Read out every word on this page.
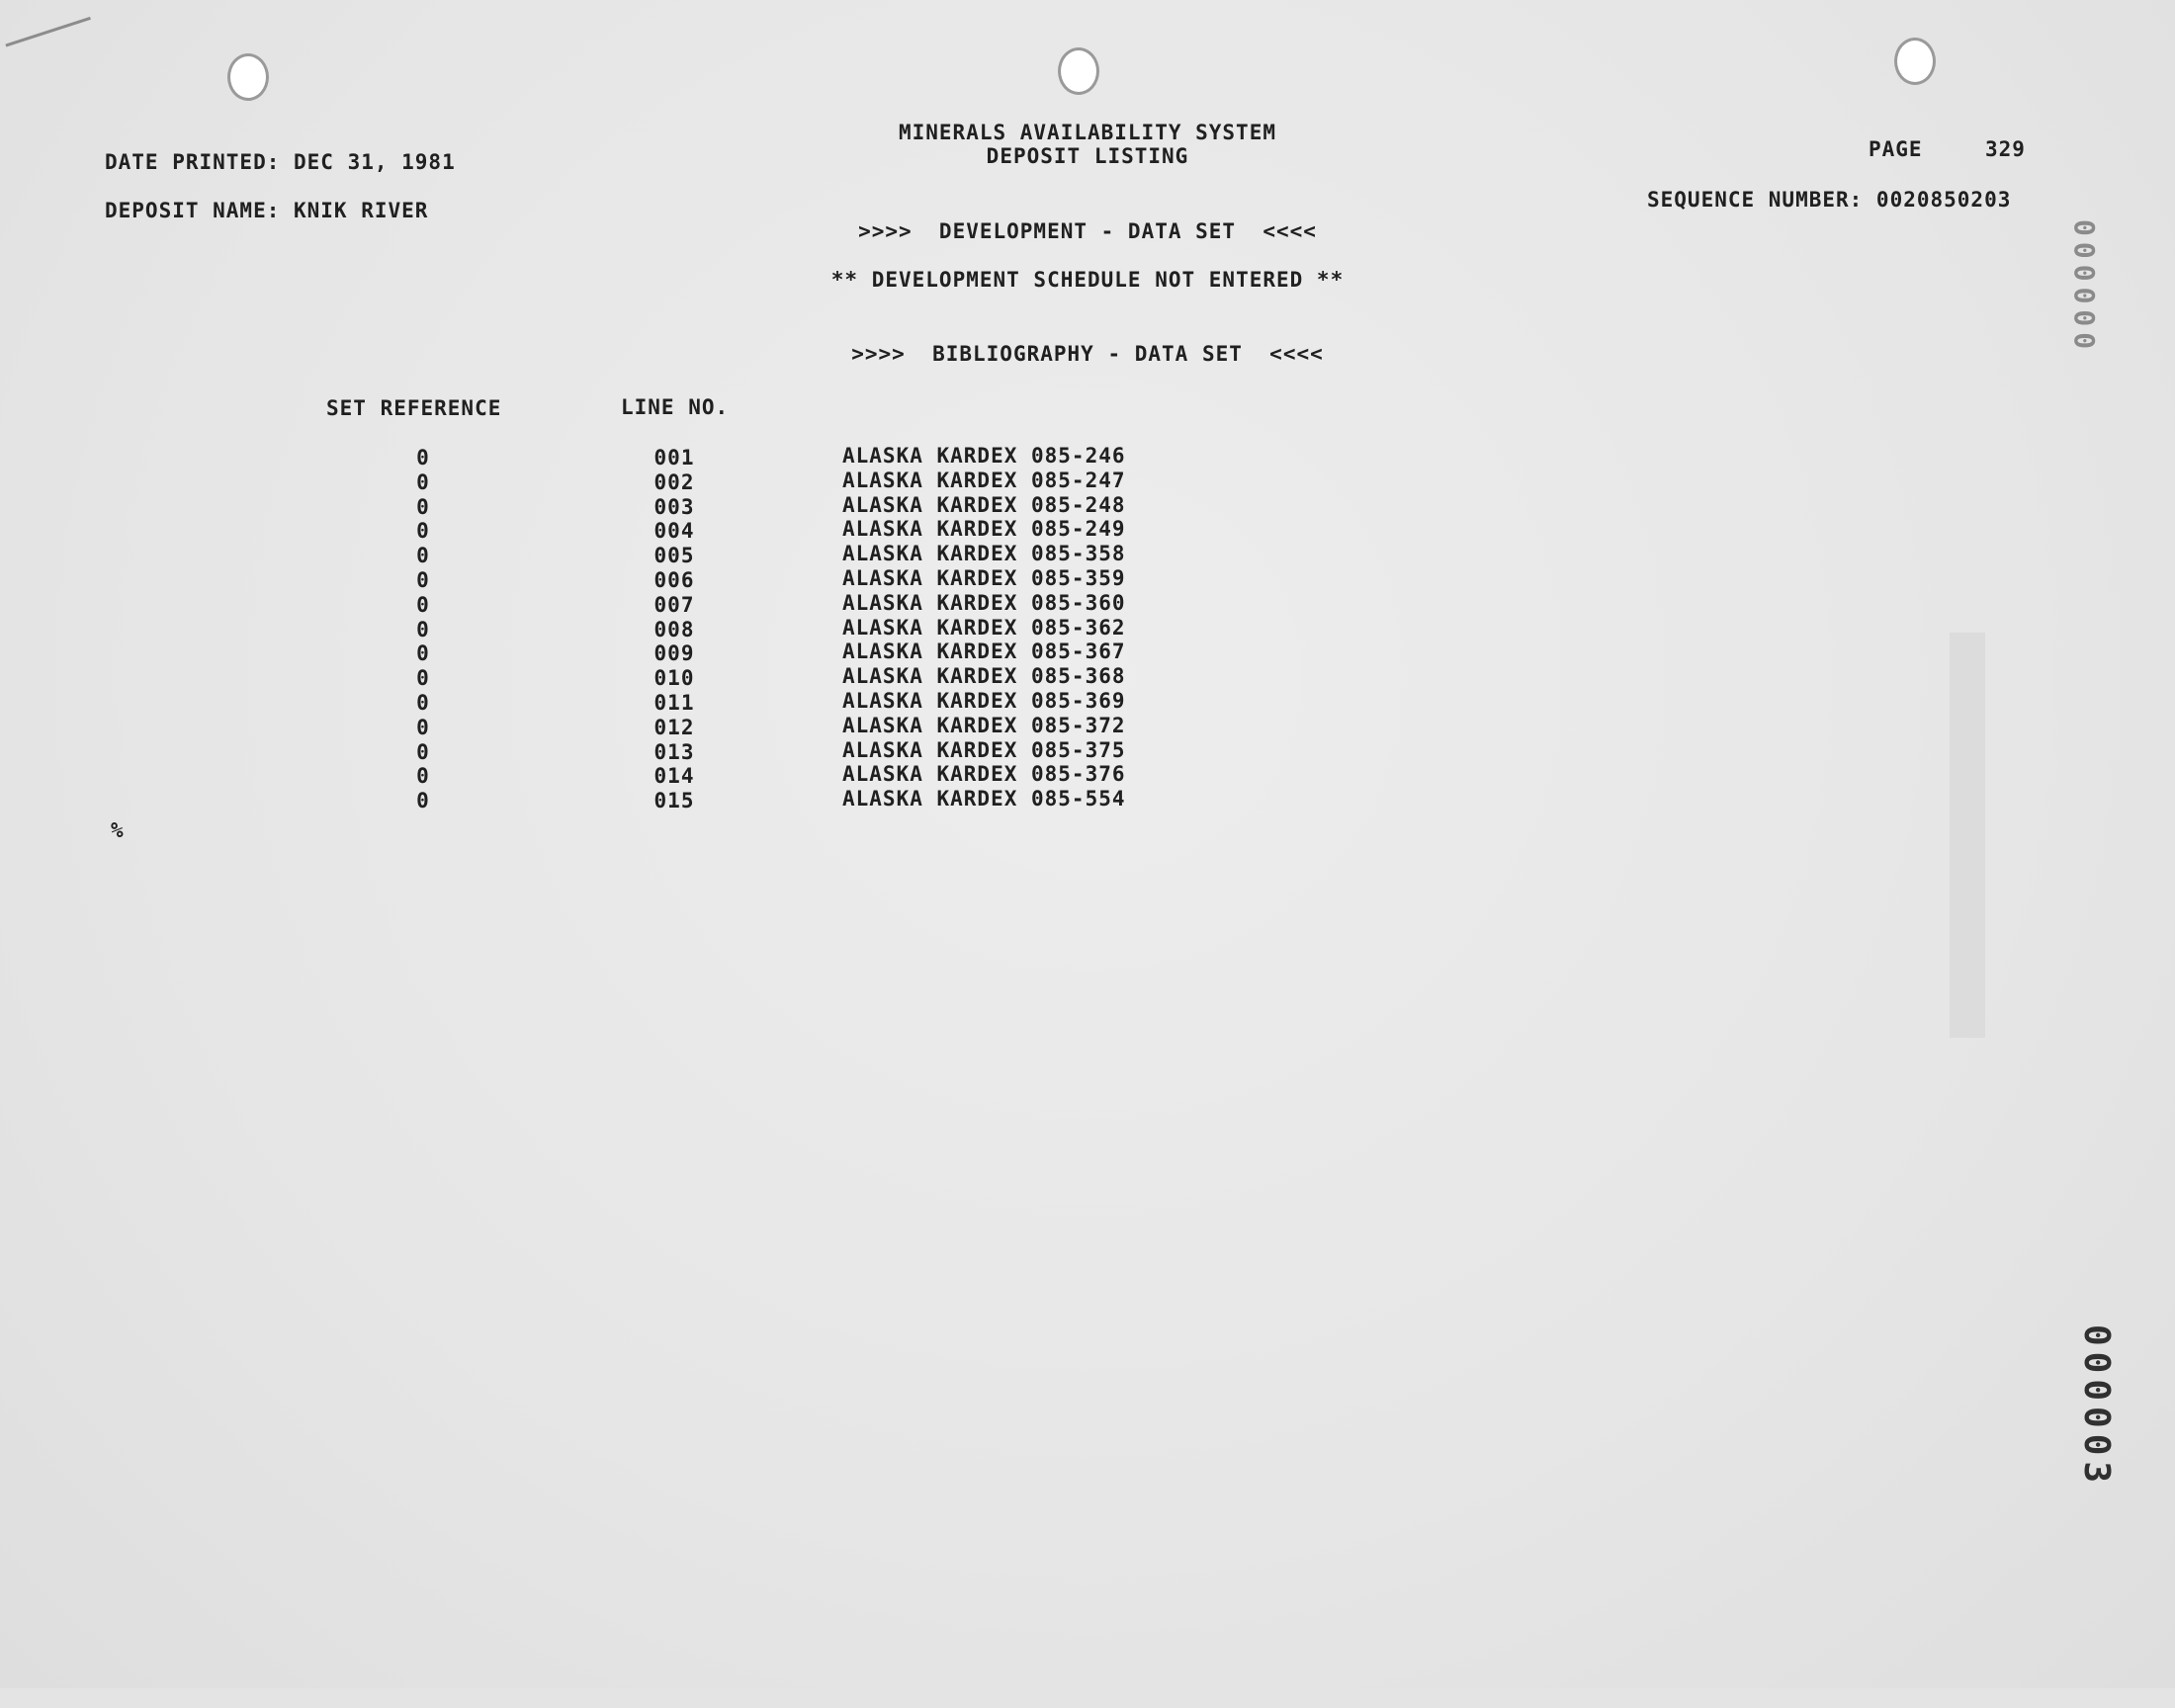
MINERALS AVAILABILITY SYSTEM
DEPOSIT LISTING
DATE PRINTED: DEC 31, 1981
DEPOSIT NAME: KNIK RIVER
PAGE	329
SEQUENCE NUMBER: 0020850203
>>>>  DEVELOPMENT - DATA SET  <<<<
** DEVELOPMENT SCHEDULE NOT ENTERED **
>>>>  BIBLIOGRAPHY - DATA SET  <<<<
SET REFERENCE	LINE NO.
0	001	ALASKA KARDEX 085-246
0	002	ALASKA KARDEX 085-247
0	003	ALASKA KARDEX 085-248
0	004	ALASKA KARDEX 085-249
0	005	ALASKA KARDEX 085-358
0	006	ALASKA KARDEX 085-359
0	007	ALASKA KARDEX 085-360
0	008	ALASKA KARDEX 085-362
0	009	ALASKA KARDEX 085-367
0	010	ALASKA KARDEX 085-368
0	011	ALASKA KARDEX 085-369
0	012	ALASKA KARDEX 085-372
0	013	ALASKA KARDEX 085-375
0	014	ALASKA KARDEX 085-376
0	015	ALASKA KARDEX 085-554
%
000000
000003
